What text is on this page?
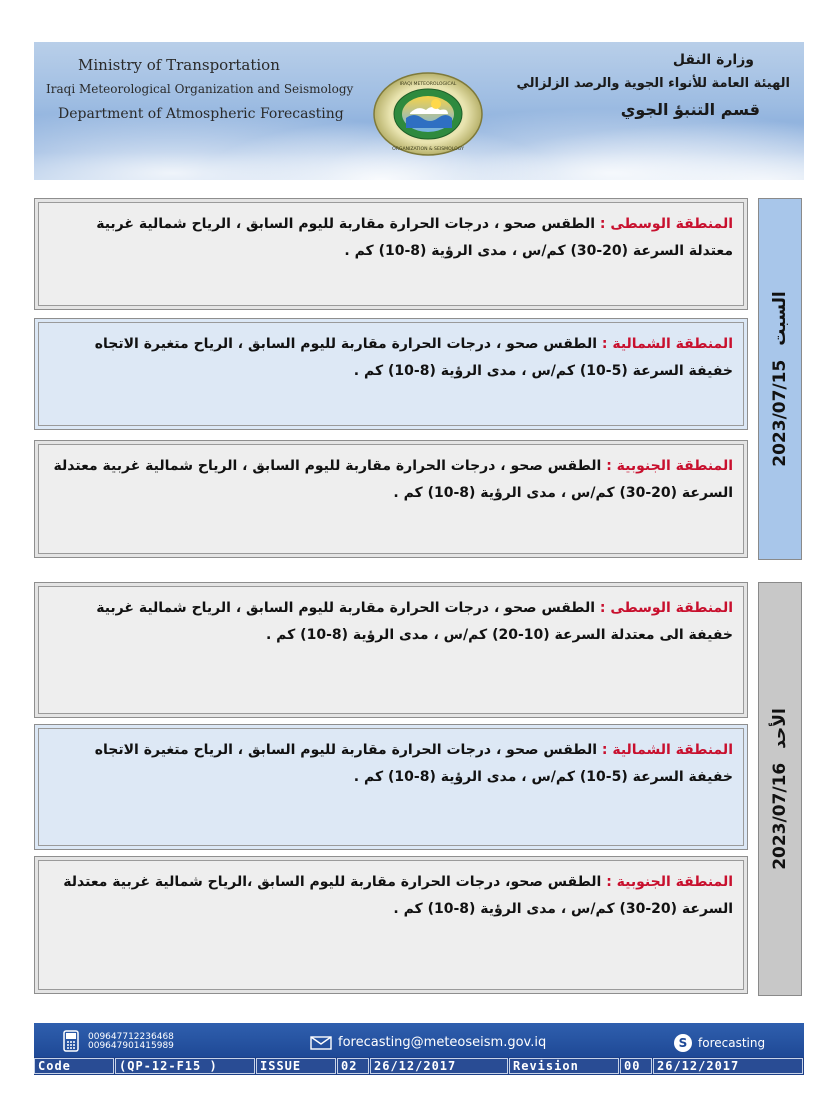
Ministry of Transportation
Iraqi Meteorological Organization and Seismology
Department of Atmospheric Forecasting
IRAQI METEOROLOGICAL
ORGANIZATION & SEISMOLOGY
وزارة النقل
الهيئة العامة للأنواء الجوية والرصد الزلزالي
قسم التنبؤ الجوي
المنطقة الوسطى : الطقس صحو ، درجات الحرارة مقاربة لليوم السابق ، الرياح شمالية غربية معتدلة السرعة (20-30) كم/س ، مدى الرؤية (8-10) كم .
المنطقة الشمالية : الطقس صحو ، درجات الحرارة مقاربة لليوم السابق ، الرياح متغيرة الاتجاه خفيفة السرعة (5-10) كم/س ، مدى الرؤية (8-10) كم .
المنطقة الجنوبية : الطقس صحو ، درجات الحرارة مقاربة لليوم السابق ، الرياح شمالية غربية معتدلة السرعة (20-30) كم/س ، مدى الرؤية (8-10) كم .
2023/07/15
السبت
المنطقة الوسطى : الطقس صحو ، درجات الحرارة مقاربة لليوم السابق ، الرياح شمالية غربية خفيفة الى معتدلة السرعة (10-20) كم/س ، مدى الرؤية (8-10) كم .
المنطقة الشمالية : الطقس صحو ، درجات الحرارة مقاربة لليوم السابق ، الرياح متغيرة الاتجاه خفيفة السرعة (5-10) كم/س ، مدى الرؤية (8-10) كم .
المنطقة الجنوبية : الطقس صحو، درجات الحرارة مقاربة لليوم السابق ،الرياح شمالية غربية معتدلة السرعة (20-30) كم/س ، مدى الرؤية (8-10) كم .
2023/07/16
الأحد
009647712236468
009647901415989	forecasting@meteoseism.gov.iq	S forecasting
Code	(QP-12-F15 )	ISSUE	02	26/12/2017	Revision	00	26/12/2017
